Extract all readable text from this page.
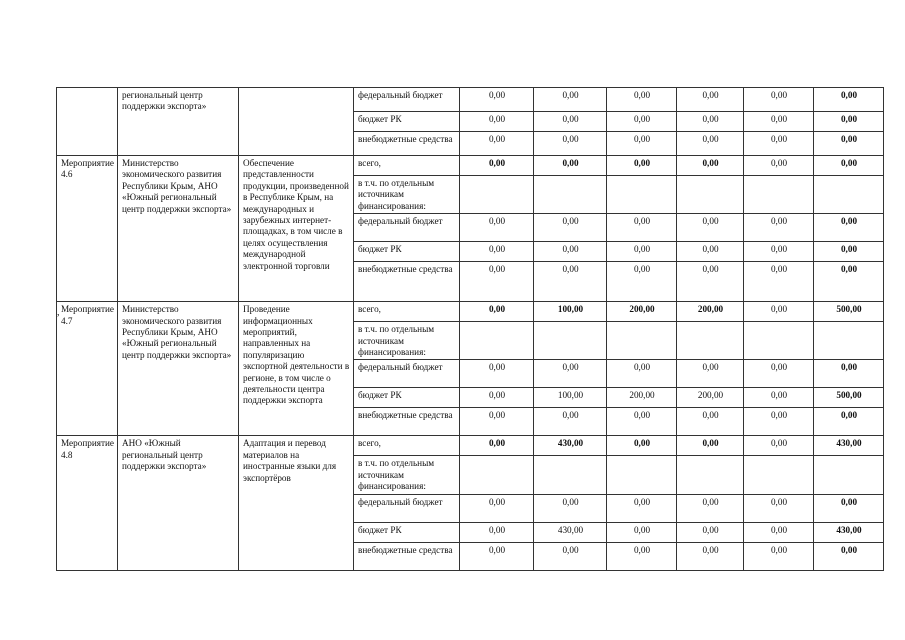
,
	региональный центр поддержки экспорта»		федеральный бюджет	0,00	0,00	0,00	0,00	0,00	0,00
			бюджет РК	0,00	0,00	0,00	0,00	0,00	0,00
			внебюджетные средства	0,00	0,00	0,00	0,00	0,00	0,00
Мероприятие 4.6	Министерство экономического развития Республики Крым, АНО «Южный региональный центр поддержки экспорта»	Обеспечение представленности продукции, произведенной в Республике Крым, на международных и зарубежных интернет-площадках, в том числе в целях осуществления международной электронной торговли	всего,	0,00	0,00	0,00	0,00	0,00	0,00
			в т.ч. по отдельным источникам финансирования:						
			федеральный бюджет	0,00	0,00	0,00	0,00	0,00	0,00
			бюджет РК	0,00	0,00	0,00	0,00	0,00	0,00
			внебюджетные средства	0,00	0,00	0,00	0,00	0,00	0,00
Мероприятие 4.7	Министерство экономического развития Республики Крым, АНО «Южный региональный центр поддержки экспорта»	Проведение информационных мероприятий, направленных на популяризацию экспортной деятельности в регионе, в том числе о деятельности центра поддержки экспорта	всего,	0,00	100,00	200,00	200,00	0,00	500,00
			в т.ч. по отдельным источникам финансирования:						
			федеральный бюджет	0,00	0,00	0,00	0,00	0,00	0,00
			бюджет РК	0,00	100,00	200,00	200,00	0,00	500,00
			внебюджетные средства	0,00	0,00	0,00	0,00	0,00	0,00
Мероприятие 4.8	АНО «Южный региональный центр поддержки экспорта»	Адаптация и перевод материалов на иностранные языки для экспортёров	всего,	0,00	430,00	0,00	0,00	0,00	430,00
			в т.ч. по отдельным источникам финансирования:						
			федеральный бюджет	0,00	0,00	0,00	0,00	0,00	0,00
			бюджет РК	0,00	430,00	0,00	0,00	0,00	430,00
			внебюджетные средства	0,00	0,00	0,00	0,00	0,00	0,00
